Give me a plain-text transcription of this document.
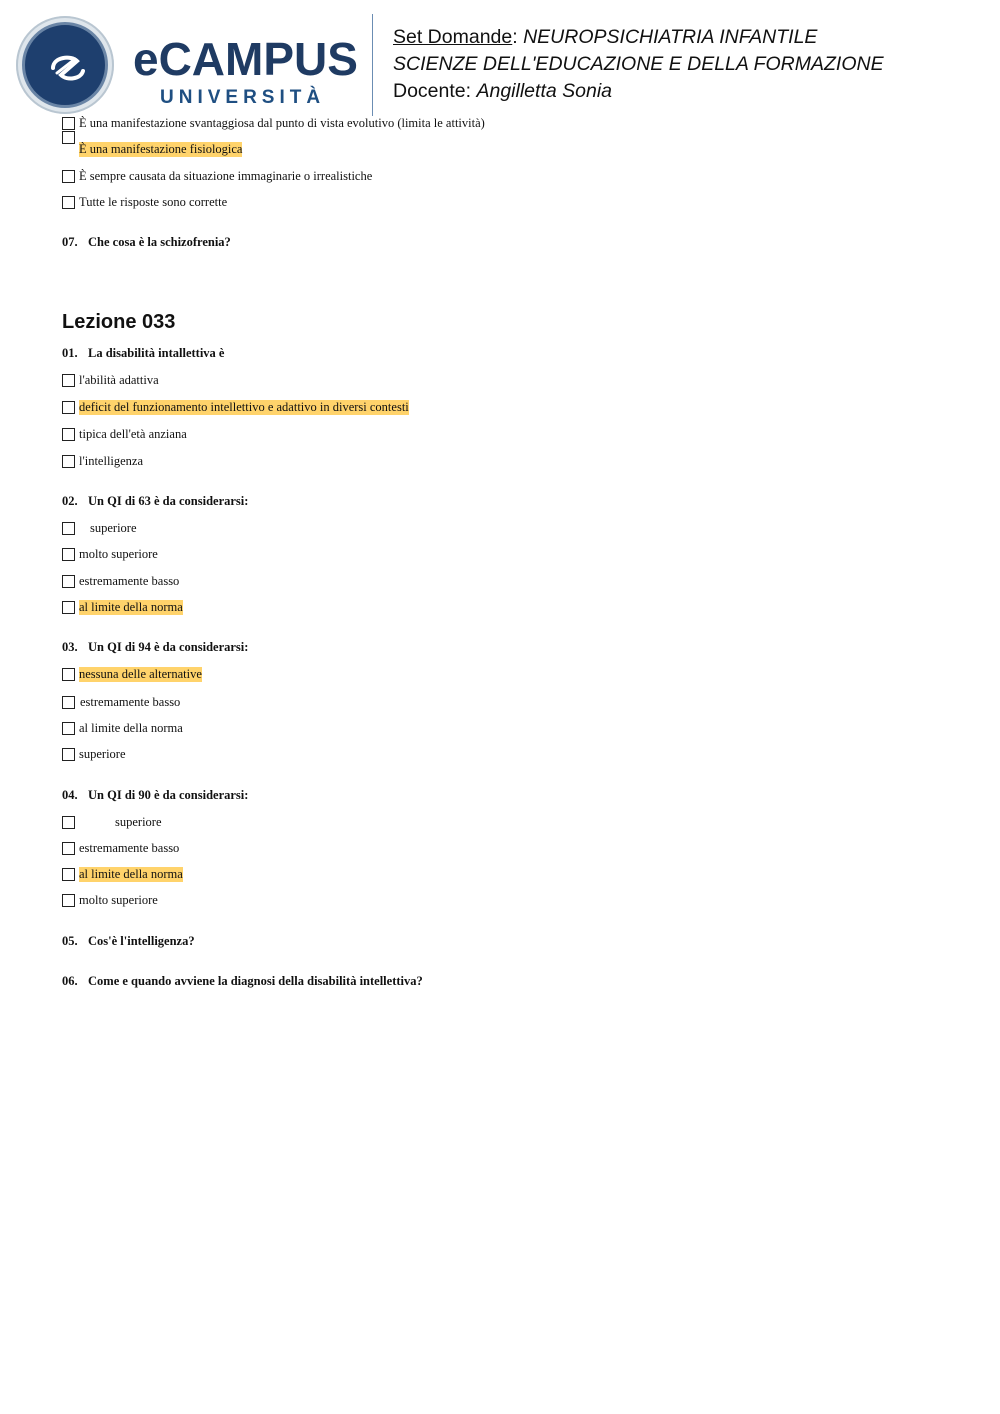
eCAMPUS
UNIVERSITÀ
Set Domande: NEUROPSICHIATRIA INFANTILE
SCIENZE DELL'EDUCAZIONE E DELLA FORMAZIONE
Docente: Angilletta Sonia
È una manifestazione svantaggiosa dal punto di vista evolutivo (limita le attività)
È una manifestazione fisiologica
È sempre causata da situazione immaginarie o irrealistiche
Tutte le risposte sono corrette
07. Che cosa è la schizofrenia?
Lezione 033
01. La disabilità intallettiva è
l'abilità adattiva
deficit del funzionamento intellettivo e adattivo in diversi contesti
tipica dell'età anziana
l'intelligenza
02. Un QI di 63 è da considerarsi:
superiore
molto superiore
estremamente basso
al limite della norma
03. Un QI di 94 è da considerarsi:
nessuna delle alternative
estremamente basso
al limite della norma
superiore
04. Un QI di 90 è da considerarsi:
superiore
estremamente basso
al limite della norma
molto superiore
05. Cos'è l'intelligenza?
06. Come e quando avviene la diagnosi della disabilità intellettiva?
